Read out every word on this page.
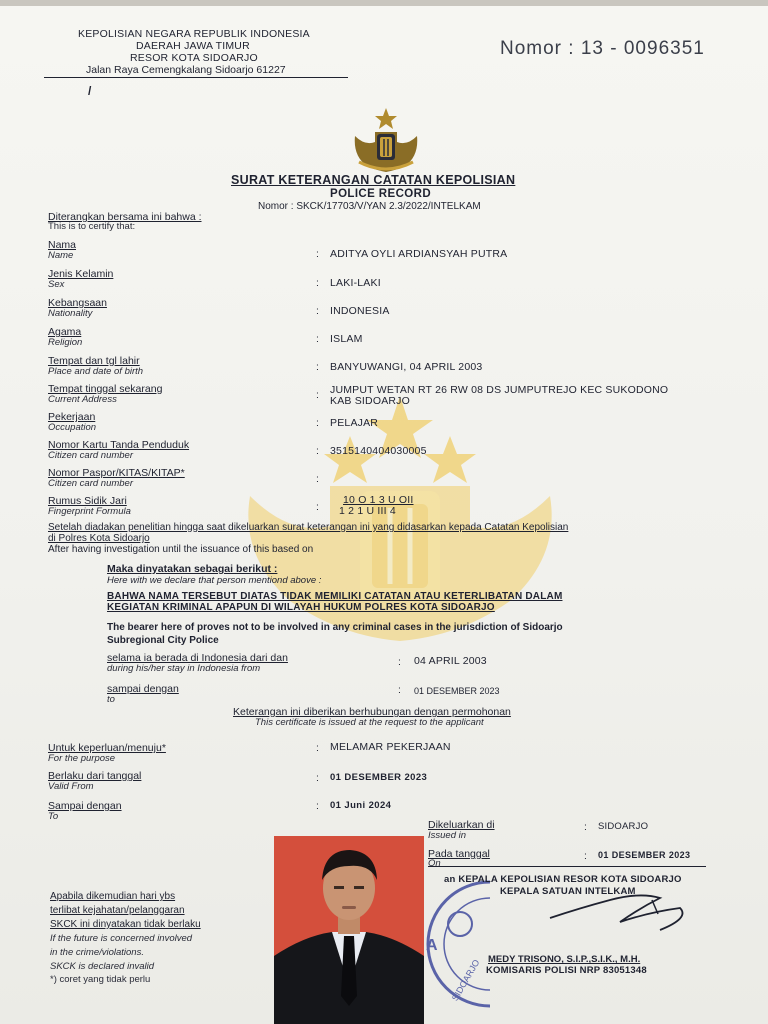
KEPOLISIAN NEGARA REPUBLIK INDONESIA
DAERAH JAWA TIMUR
RESOR KOTA SIDOARJO
Jalan Raya Cemengkalang Sidoarjo 61227
/
Nomor : 13 - 0096351
SURAT KETERANGAN CATATAN KEPOLISIAN
POLICE RECORD
Nomor : SKCK/17703/V/YAN 2.3/2022/INTELKAM
Diterangkan bersama ini bahwa :
This is to certify that:
Nama
Name	: ADITYA OYLI ARDIANSYAH PUTRA
Jenis Kelamin
Sex	: LAKI-LAKI
Kebangsaan
Nationality	: INDONESIA
Agama
Religion	: ISLAM
Tempat dan tgl lahir
Place and date of birth	: BANYUWANGI, 04 APRIL 2003
Tempat tinggal sekarang
Current Address	: JUMPUT WETAN RT 26 RW 08 DS JUMPUTREJO KEC SUKODONO
KAB SIDOARJO
Pekerjaan
Occupation	: PELAJAR
Nomor Kartu Tanda Penduduk
Citizen card number	: 3515140404030005
Nomor Paspor/KITAS/KITAP*
Citizen card number	:
Rumus Sidik Jari
Fingerprint Formula	:
10 O 1 3 U OII
1 2 1 U III 4
Setelah diadakan penelitian hingga saat dikeluarkan surat keterangan ini yang didasarkan kepada Catatan Kepolisian
di Polres Kota Sidoarjo
After having investigation until the issuance of this based on
Maka dinyatakan sebagai berikut :
Here with we declare that person mentiond above :
BAHWA NAMA TERSEBUT DIATAS TIDAK MEMILIKI CATATAN ATAU KETERLIBATAN DALAM
KEGIATAN KRIMINAL APAPUN DI WILAYAH HUKUM POLRES KOTA SIDOARJO
The bearer here of proves not to be involved in any criminal cases in the jurisdiction of Sidoarjo
Subregional City Police
selama ia berada di Indonesia dari dan
during his/her stay in Indonesia from
: 04 APRIL 2003
sampai dengan
to
: 01 DESEMBER 2023
Keterangan ini diberikan berhubungan dengan permohonan
This certificate is issued at the request to the applicant
Untuk keperluan/menuju*
For the purpose
: MELAMAR PEKERJAAN
Berlaku dari tanggal
Valid From
: 01 DESEMBER 2023
Sampai dengan
To
: 01 Juni 2024
Dikeluarkan di
Issued in
: SIDOARJO
Pada tanggal
On
: 01 DESEMBER 2023
A
SIDOARJO
an KEPALA KEPOLISIAN RESOR KOTA SIDOARJO
KEPALA SATUAN INTELKAM
MEDY TRISONO, S.I.P.,S.I.K., M.H.
KOMISARIS POLISI NRP 83051348
Apabila dikemudian hari ybs
terlibat kejahatan/pelanggaran
SKCK ini dinyatakan tidak berlaku
If the future is concerned involved
in the crime/violations.
SKCK is declared invalid
*) coret yang tidak perlu
